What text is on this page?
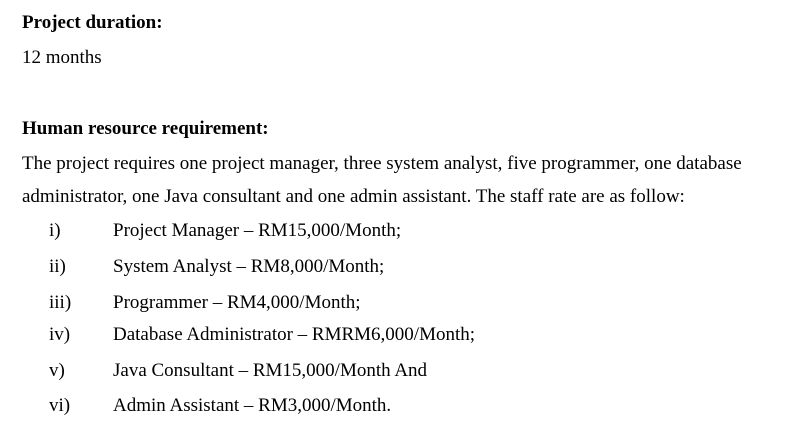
Project duration:
12 months
Human resource requirement:
The project requires one project manager, three system analyst, five programmer, one database
administrator, one Java consultant and one admin assistant. The staff rate are as follow:
i)	Project Manager – RM15,000/Month;
ii) System Analyst – RM8,000/Month;
iii) Programmer – RM4,000/Month;
iv) Database Administrator – RMRM6,000/Month;
v)	Java Consultant – RM15,000/Month And
vi) Admin Assistant – RM3,000/Month.
